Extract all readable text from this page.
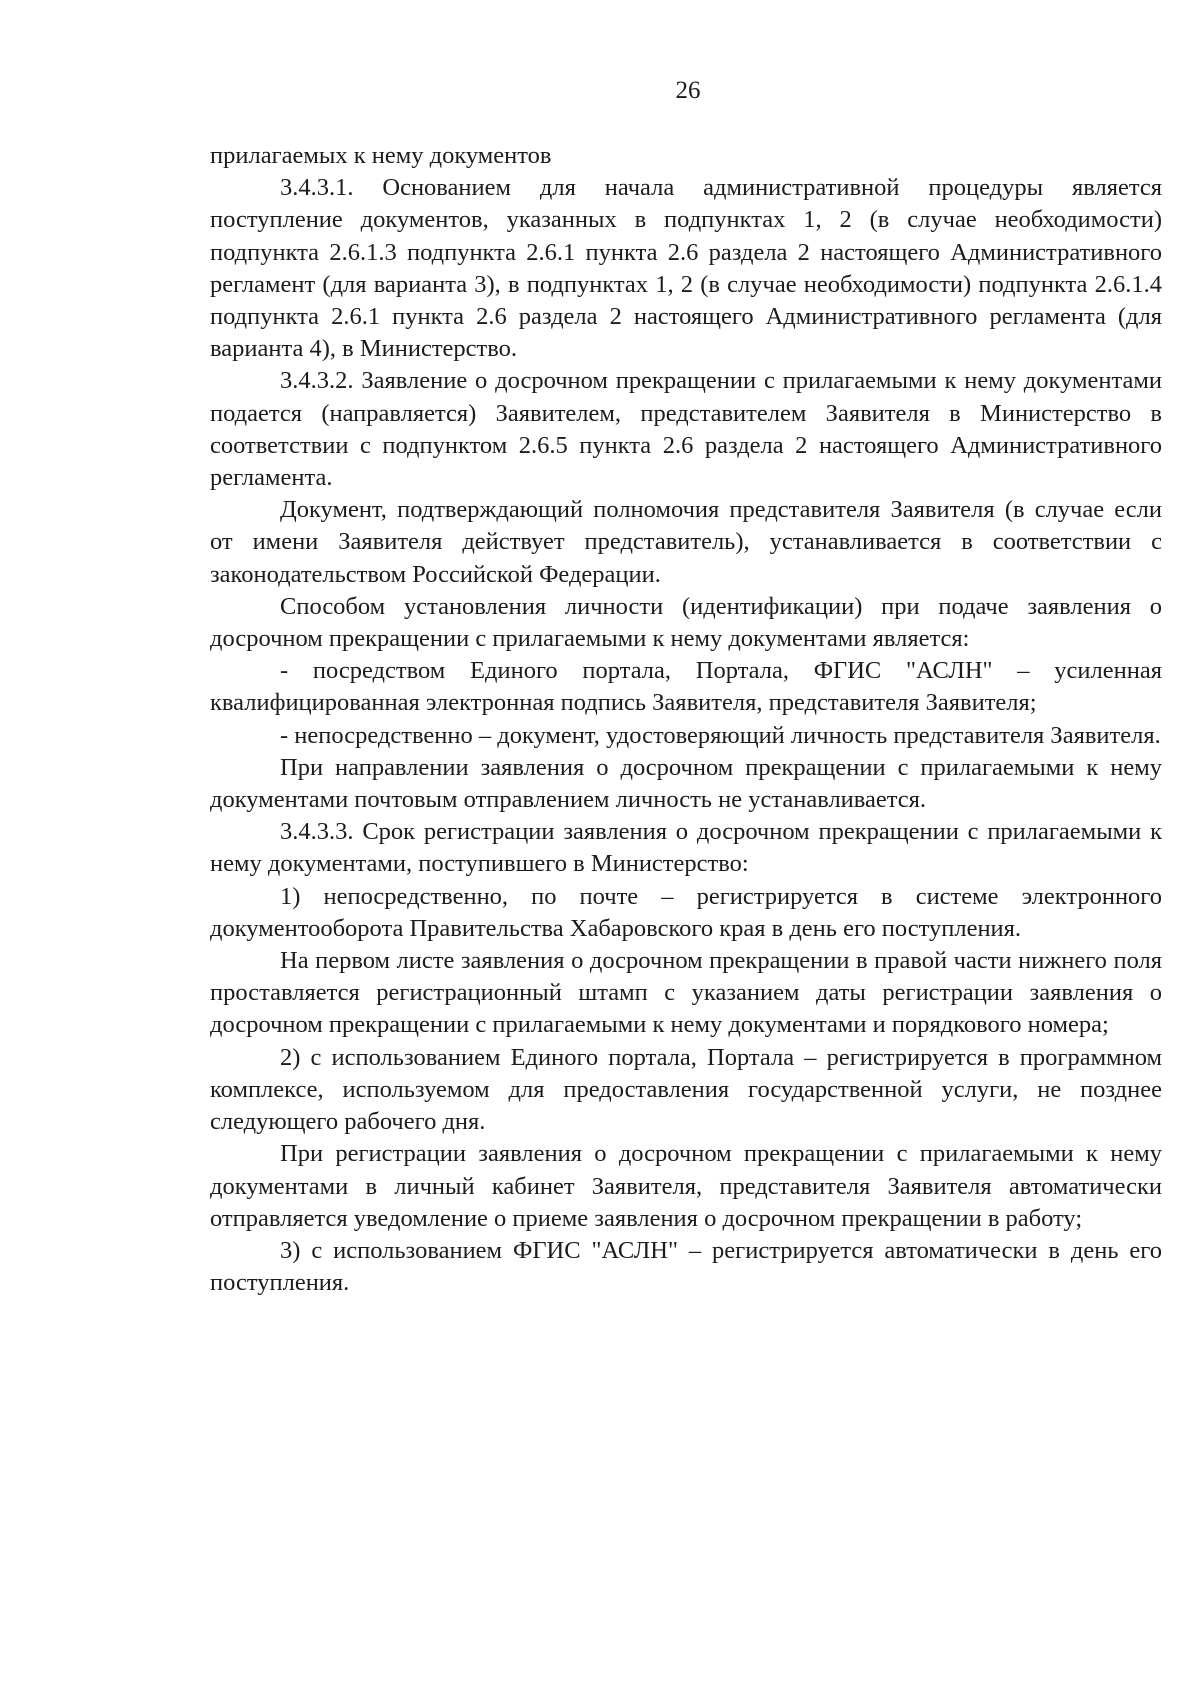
26

прилагаемых к нему документов

3.4.3.1. Основанием для начала административной процедуры является поступление документов, указанных в подпунктах 1, 2 (в случае необходимости) подпункта 2.6.1.3 подпункта 2.6.1 пункта 2.6 раздела 2 настоящего Административного регламент (для варианта 3), в подпунктах 1, 2 (в случае необходимости) подпункта 2.6.1.4 подпункта 2.6.1 пункта 2.6 раздела 2 настоящего Административного регламента (для варианта 4), в Министерство.

3.4.3.2. Заявление о досрочном прекращении с прилагаемыми к нему документами подается (направляется) Заявителем, представителем Заявителя в Министерство в соответствии с подпунктом 2.6.5 пункта 2.6 раздела 2 настоящего Административного регламента.

Документ, подтверждающий полномочия представителя Заявителя (в случае если от имени Заявителя действует представитель), устанавливается в соответствии с законодательством Российской Федерации.

Способом установления личности (идентификации) при подаче заявления о досрочном прекращении с прилагаемыми к нему документами является:

- посредством Единого портала, Портала, ФГИС "АСЛН" – усиленная квалифицированная электронная подпись Заявителя, представителя Заявителя;

- непосредственно – документ, удостоверяющий личность представителя Заявителя.

При направлении заявления о досрочном прекращении с прилагаемыми к нему документами почтовым отправлением личность не устанавливается.

3.4.3.3. Срок регистрации заявления о досрочном прекращении с прилагаемыми к нему документами, поступившего в Министерство:

1) непосредственно, по почте – регистрируется в системе электронного документооборота Правительства Хабаровского края в день его поступления.

На первом листе заявления о досрочном прекращении в правой части нижнего поля проставляется регистрационный штамп с указанием даты регистрации заявления о досрочном прекращении с прилагаемыми к нему документами и порядкового номера;

2) с использованием Единого портала, Портала – регистрируется в программном комплексе, используемом для предоставления государственной услуги, не позднее следующего рабочего дня.

При регистрации заявления о досрочном прекращении с прилагаемыми к нему документами в личный кабинет Заявителя, представителя Заявителя автоматически отправляется уведомление о приеме заявления о досрочном прекращении в работу;

3) с использованием ФГИС "АСЛН" – регистрируется автоматически в день его поступления.
